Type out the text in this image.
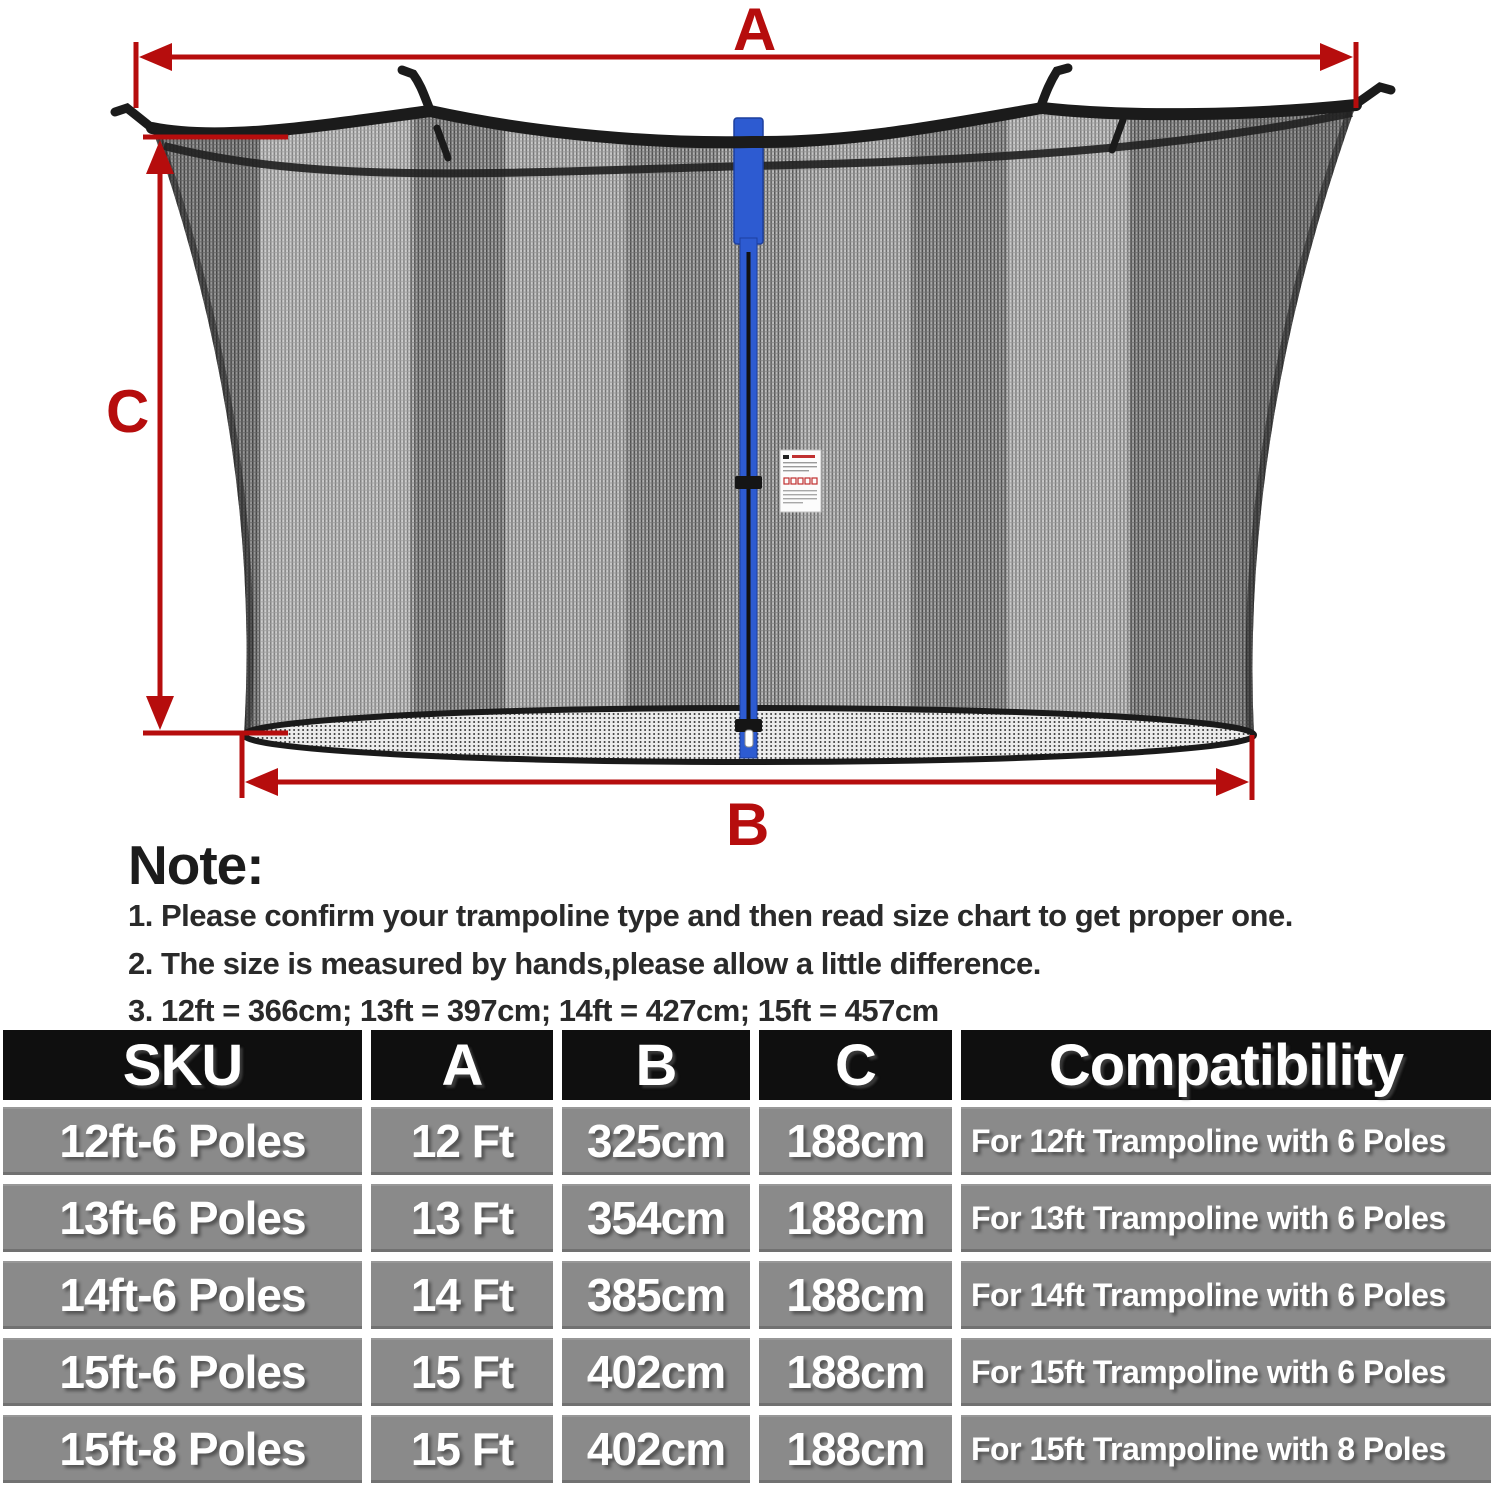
A
C
B
Note:
1. Please confirm your trampoline type and then read size chart to get proper one.
2. The size is measured by hands,please allow a little difference.
3. 12ft = 366cm; 13ft = 397cm; 14ft = 427cm; 15ft = 457cm
SKU	A	B	C	Compatibility
12ft-6 Poles	12 Ft	325cm	188cm	For 12ft Trampoline with 6 Poles
13ft-6 Poles	13 Ft	354cm	188cm	For 13ft Trampoline with 6 Poles
14ft-6 Poles	14 Ft	385cm	188cm	For 14ft Trampoline with 6 Poles
15ft-6 Poles	15 Ft	402cm	188cm	For 15ft Trampoline with 6 Poles
15ft-8 Poles	15 Ft	402cm	188cm	For 15ft Trampoline with 8 Poles
